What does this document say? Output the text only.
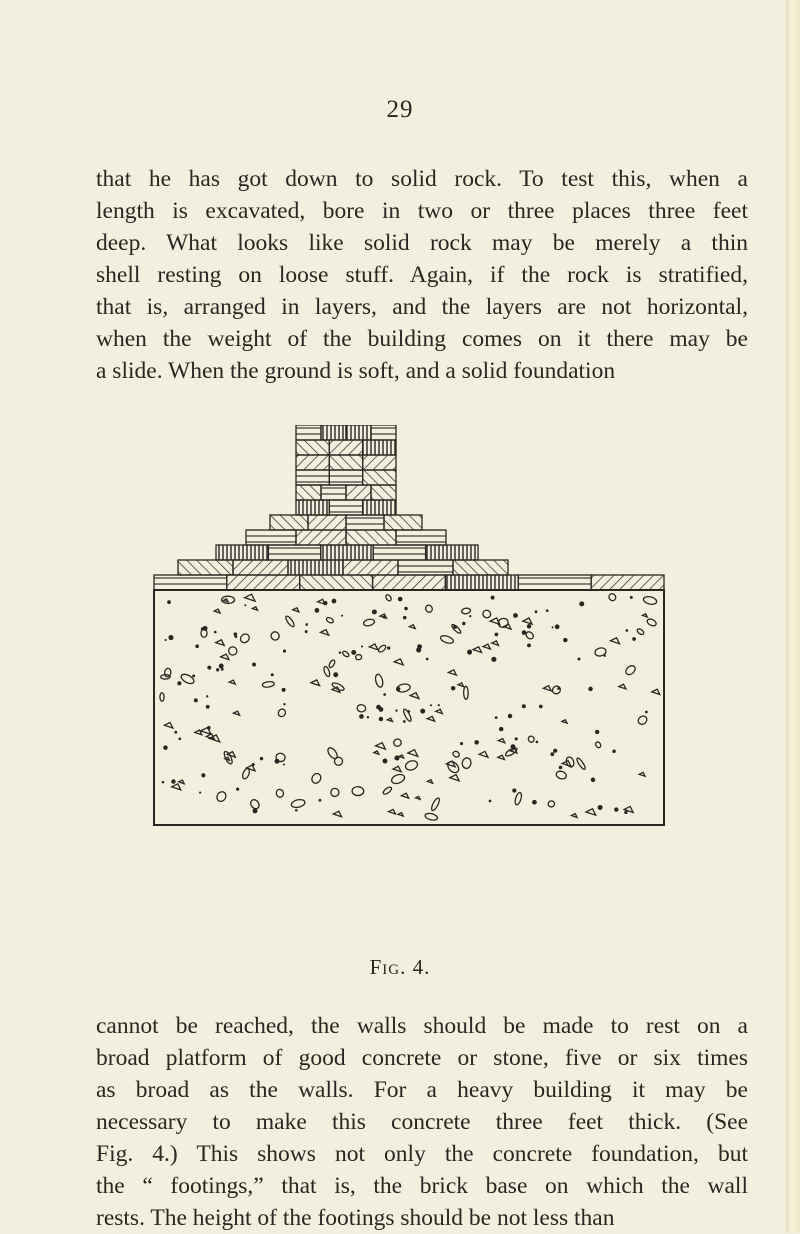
29

that he has got down to solid rock. To test this, when a
length is excavated, bore in two or three places three feet
deep. What looks like solid rock may be merely a thin
shell resting on loose stuff. Again, if the rock is stratified,
that is, arranged in layers, and the layers are not horizontal,
when the weight of the building comes on it there may be
a slide. When the ground is soft, and a solid foundation

Fig. 4.

cannot be reached, the walls should be made to rest on a
broad platform of good concrete or stone, five or six times
as broad as the walls. For a heavy building it may be
necessary to make this concrete three feet thick. (See
Fig. 4.) This shows not only the concrete foundation, but
the “ footings,” that is, the brick base on which the wall
rests. The height of the footings should be not less than
